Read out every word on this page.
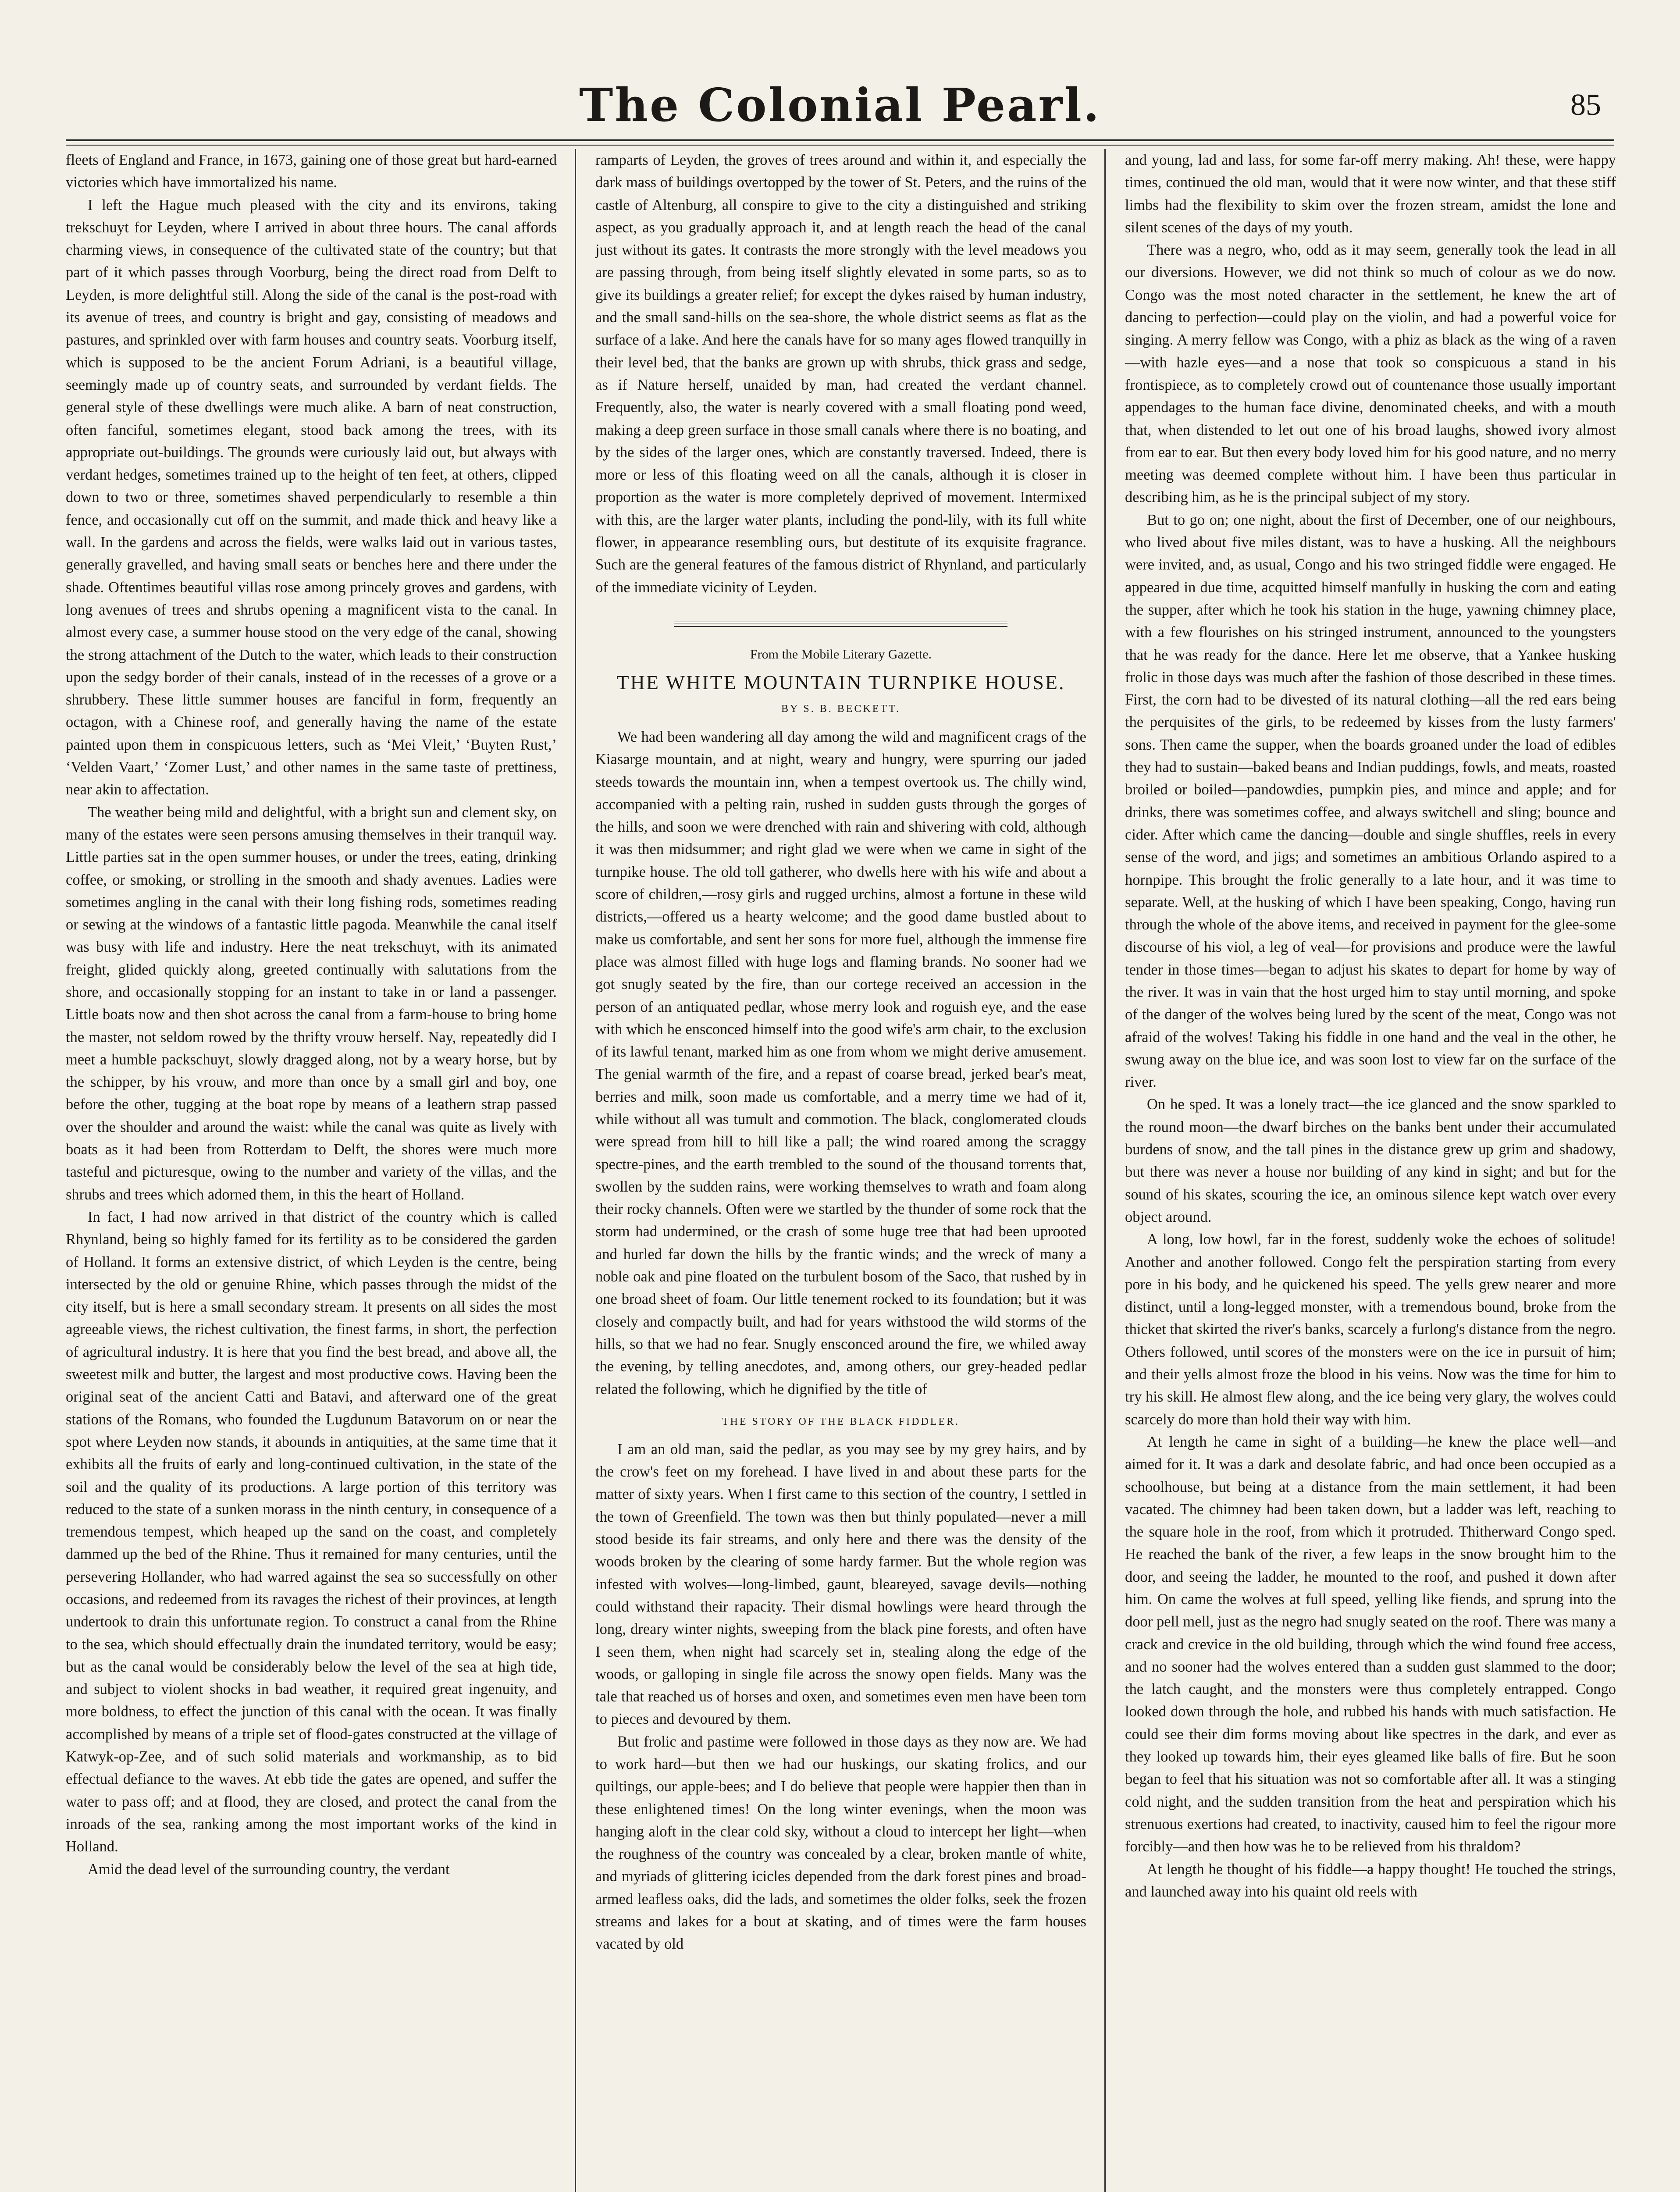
The Colonial Pearl.	85

fleets of England and France, in 1673, gaining one of those great but hard-earned victories which have immortalized his name.

I left the Hague much pleased with the city and its environs, taking trekschuyt for Leyden, where I arrived in about three hours. The canal affords charming views, in consequence of the cultivated state of the country; but that part of it which passes through Voorburg, being the direct road from Delft to Leyden, is more delightful still. Along the side of the canal is the post-road with its avenue of trees, and country is bright and gay, consisting of meadows and pastures, and sprinkled over with farm houses and country seats. Voorburg itself, which is supposed to be the ancient Forum Adriani, is a beautiful village, seemingly made up of country seats, and surrounded by verdant fields. The general style of these dwellings were much alike. A barn of neat construction, often fanciful, sometimes elegant, stood back among the trees, with its appropriate out-buildings. The grounds were curiously laid out, but always with verdant hedges, sometimes trained up to the height of ten feet, at others, clipped down to two or three, sometimes shaved perpendicularly to resemble a thin fence, and occasionally cut off on the summit, and made thick and heavy like a wall. In the gardens and across the fields, were walks laid out in various tastes, generally gravelled, and having small seats or benches here and there under the shade. Oftentimes beautiful villas rose among princely groves and gardens, with long avenues of trees and shrubs opening a magnificent vista to the canal. In almost every case, a summer house stood on the very edge of the canal, showing the strong attachment of the Dutch to the water, which leads to their construction upon the sedgy border of their canals, instead of in the recesses of a grove or a shrubbery. These little summer houses are fanciful in form, frequently an octagon, with a Chinese roof, and generally having the name of the estate painted upon them in conspicuous letters, such as ‘Mei Vleit,’ ‘Buyten Rust,’ ‘Velden Vaart,’ ‘Zomer Lust,’ and other names in the same taste of prettiness, near akin to affectation.

The weather being mild and delightful, with a bright sun and clement sky, on many of the estates were seen persons amusing themselves in their tranquil way. Little parties sat in the open summer houses, or under the trees, eating, drinking coffee, or smoking, or strolling in the smooth and shady avenues. Ladies were sometimes angling in the canal with their long fishing rods, sometimes reading or sewing at the windows of a fantastic little pagoda. Meanwhile the canal itself was busy with life and industry. Here the neat trekschuyt, with its animated freight, glided quickly along, greeted continually with salutations from the shore, and occasionally stopping for an instant to take in or land a passenger. Little boats now and then shot across the canal from a farm-house to bring home the master, not seldom rowed by the thrifty vrouw herself. Nay, repeatedly did I meet a humble packschuyt, slowly dragged along, not by a weary horse, but by the schipper, by his vrouw, and more than once by a small girl and boy, one before the other, tugging at the boat rope by means of a leathern strap passed over the shoulder and around the waist: while the canal was quite as lively with boats as it had been from Rotterdam to Delft, the shores were much more tasteful and picturesque, owing to the number and variety of the villas, and the shrubs and trees which adorned them, in this the heart of Holland.

In fact, I had now arrived in that district of the country which is called Rhynland, being so highly famed for its fertility as to be considered the garden of Holland. It forms an extensive district, of which Leyden is the centre, being intersected by the old or genuine Rhine, which passes through the midst of the city itself, but is here a small secondary stream. It presents on all sides the most agreeable views, the richest cultivation, the finest farms, in short, the perfection of agricultural industry. It is here that you find the best bread, and above all, the sweetest milk and butter, the largest and most productive cows. Having been the original seat of the ancient Catti and Batavi, and afterward one of the great stations of the Romans, who founded the Lugdunum Batavorum on or near the spot where Leyden now stands, it abounds in antiquities, at the same time that it exhibits all the fruits of early and long-continued cultivation, in the state of the soil and the quality of its productions. A large portion of this territory was reduced to the state of a sunken morass in the ninth century, in consequence of a tremendous tempest, which heaped up the sand on the coast, and completely dammed up the bed of the Rhine. Thus it remained for many centuries, until the persevering Hollander, who had warred against the sea so successfully on other occasions, and redeemed from its ravages the richest of their provinces, at length undertook to drain this unfortunate region. To construct a canal from the Rhine to the sea, which should effectually drain the inundated territory, would be easy; but as the canal would be considerably below the level of the sea at high tide, and subject to violent shocks in bad weather, it required great ingenuity, and more boldness, to effect the junction of this canal with the ocean. It was finally accomplished by means of a triple set of flood-gates constructed at the village of Katwyk-op-Zee, and of such solid materials and workmanship, as to bid effectual defiance to the waves. At ebb tide the gates are opened, and suffer the water to pass off; and at flood, they are closed, and protect the canal from the inroads of the sea, ranking among the most important works of the kind in Holland.

Amid the dead level of the surrounding country, the verdant

ramparts of Leyden, the groves of trees around and within it, and especially the dark mass of buildings overtopped by the tower of St. Peters, and the ruins of the castle of Altenburg, all conspire to give to the city a distinguished and striking aspect, as you gradually approach it, and at length reach the head of the canal just without its gates. It contrasts the more strongly with the level meadows you are passing through, from being itself slightly elevated in some parts, so as to give its buildings a greater relief; for except the dykes raised by human industry, and the small sand-hills on the sea-shore, the whole district seems as flat as the surface of a lake. And here the canals have for so many ages flowed tranquilly in their level bed, that the banks are grown up with shrubs, thick grass and sedge, as if Nature herself, unaided by man, had created the verdant channel. Frequently, also, the water is nearly covered with a small floating pond weed, making a deep green surface in those small canals where there is no boating, and by the sides of the larger ones, which are constantly traversed. Indeed, there is more or less of this floating weed on all the canals, although it is closer in proportion as the water is more completely deprived of movement. Intermixed with this, are the larger water plants, including the pond-lily, with its full white flower, in appearance resembling ours, but destitute of its exquisite fragrance. Such are the general features of the famous district of Rhynland, and particularly of the immediate vicinity of Leyden.

From the Mobile Literary Gazette.

THE WHITE MOUNTAIN TURNPIKE HOUSE.

BY S. B. BECKETT.

We had been wandering all day among the wild and magnificent crags of the Kiasarge mountain, and at night, weary and hungry, were spurring our jaded steeds towards the mountain inn, when a tempest overtook us. The chilly wind, accompanied with a pelting rain, rushed in sudden gusts through the gorges of the hills, and soon we were drenched with rain and shivering with cold, although it was then midsummer; and right glad we were when we came in sight of the turnpike house. The old toll gatherer, who dwells here with his wife and about a score of children,—rosy girls and rugged urchins, almost a fortune in these wild districts,—offered us a hearty welcome; and the good dame bustled about to make us comfortable, and sent her sons for more fuel, although the immense fire place was almost filled with huge logs and flaming brands. No sooner had we got snugly seated by the fire, than our cortege received an accession in the person of an antiquated pedlar, whose merry look and roguish eye, and the ease with which he ensconced himself into the good wife's arm chair, to the exclusion of its lawful tenant, marked him as one from whom we might derive amusement. The genial warmth of the fire, and a repast of coarse bread, jerked bear's meat, berries and milk, soon made us comfortable, and a merry time we had of it, while without all was tumult and commotion. The black, conglomerated clouds were spread from hill to hill like a pall; the wind roared among the scraggy spectre-pines, and the earth trembled to the sound of the thousand torrents that, swollen by the sudden rains, were working themselves to wrath and foam along their rocky channels. Often were we startled by the thunder of some rock that the storm had undermined, or the crash of some huge tree that had been uprooted and hurled far down the hills by the frantic winds; and the wreck of many a noble oak and pine floated on the turbulent bosom of the Saco, that rushed by in one broad sheet of foam. Our little tenement rocked to its foundation; but it was closely and compactly built, and had for years withstood the wild storms of the hills, so that we had no fear. Snugly ensconced around the fire, we whiled away the evening, by telling anecdotes, and, among others, our grey-headed pedlar related the following, which he dignified by the title of

THE STORY OF THE BLACK FIDDLER.

I am an old man, said the pedlar, as you may see by my grey hairs, and by the crow's feet on my forehead. I have lived in and about these parts for the matter of sixty years. When I first came to this section of the country, I settled in the town of Greenfield. The town was then but thinly populated—never a mill stood beside its fair streams, and only here and there was the density of the woods broken by the clearing of some hardy farmer. But the whole region was infested with wolves—long-limbed, gaunt, bleareyed, savage devils—nothing could withstand their rapacity. Their dismal howlings were heard through the long, dreary winter nights, sweeping from the black pine forests, and often have I seen them, when night had scarcely set in, stealing along the edge of the woods, or galloping in single file across the snowy open fields. Many was the tale that reached us of horses and oxen, and sometimes even men have been torn to pieces and devoured by them.

But frolic and pastime were followed in those days as they now are. We had to work hard—but then we had our huskings, our skating frolics, and our quiltings, our apple-bees; and I do believe that people were happier then than in these enlightened times! On the long winter evenings, when the moon was hanging aloft in the clear cold sky, without a cloud to intercept her light—when the roughness of the country was concealed by a clear, broken mantle of white, and myriads of glittering icicles depended from the dark forest pines and broad-armed leafless oaks, did the lads, and sometimes the older folks, seek the frozen streams and lakes for a bout at skating, and of times were the farm houses vacated by old

and young, lad and lass, for some far-off merry making. Ah! these, were happy times, continued the old man, would that it were now winter, and that these stiff limbs had the flexibility to skim over the frozen stream, amidst the lone and silent scenes of the days of my youth.

There was a negro, who, odd as it may seem, generally took the lead in all our diversions. However, we did not think so much of colour as we do now. Congo was the most noted character in the settlement, he knew the art of dancing to perfection—could play on the violin, and had a powerful voice for singing. A merry fellow was Congo, with a phiz as black as the wing of a raven—with hazle eyes—and a nose that took so conspicuous a stand in his frontispiece, as to completely crowd out of countenance those usually important appendages to the human face divine, denominated cheeks, and with a mouth that, when distended to let out one of his broad laughs, showed ivory almost from ear to ear. But then every body loved him for his good nature, and no merry meeting was deemed complete without him. I have been thus particular in describing him, as he is the principal subject of my story.

But to go on; one night, about the first of December, one of our neighbours, who lived about five miles distant, was to have a husking. All the neighbours were invited, and, as usual, Congo and his two stringed fiddle were engaged. He appeared in due time, acquitted himself manfully in husking the corn and eating the supper, after which he took his station in the huge, yawning chimney place, with a few flourishes on his stringed instrument, announced to the youngsters that he was ready for the dance. Here let me observe, that a Yankee husking frolic in those days was much after the fashion of those described in these times. First, the corn had to be divested of its natural clothing—all the red ears being the perquisites of the girls, to be redeemed by kisses from the lusty farmers' sons. Then came the supper, when the boards groaned under the load of edibles they had to sustain—baked beans and Indian puddings, fowls, and meats, roasted broiled or boiled—pandowdies, pumpkin pies, and mince and apple; and for drinks, there was sometimes coffee, and always switchell and sling; bounce and cider. After which came the dancing—double and single shuffles, reels in every sense of the word, and jigs; and sometimes an ambitious Orlando aspired to a hornpipe. This brought the frolic generally to a late hour, and it was time to separate. Well, at the husking of which I have been speaking, Congo, having run through the whole of the above items, and received in payment for the glee-some discourse of his viol, a leg of veal—for provisions and produce were the lawful tender in those times—began to adjust his skates to depart for home by way of the river. It was in vain that the host urged him to stay until morning, and spoke of the danger of the wolves being lured by the scent of the meat, Congo was not afraid of the wolves! Taking his fiddle in one hand and the veal in the other, he swung away on the blue ice, and was soon lost to view far on the surface of the river.

On he sped. It was a lonely tract—the ice glanced and the snow sparkled to the round moon—the dwarf birches on the banks bent under their accumulated burdens of snow, and the tall pines in the distance grew up grim and shadowy, but there was never a house nor building of any kind in sight; and but for the sound of his skates, scouring the ice, an ominous silence kept watch over every object around.

A long, low howl, far in the forest, suddenly woke the echoes of solitude! Another and another followed. Congo felt the perspiration starting from every pore in his body, and he quickened his speed. The yells grew nearer and more distinct, until a long-legged monster, with a tremendous bound, broke from the thicket that skirted the river's banks, scarcely a furlong's distance from the negro. Others followed, until scores of the monsters were on the ice in pursuit of him; and their yells almost froze the blood in his veins. Now was the time for him to try his skill. He almost flew along, and the ice being very glary, the wolves could scarcely do more than hold their way with him.

At length he came in sight of a building—he knew the place well—and aimed for it. It was a dark and desolate fabric, and had once been occupied as a schoolhouse, but being at a distance from the main settlement, it had been vacated. The chimney had been taken down, but a ladder was left, reaching to the square hole in the roof, from which it protruded. Thitherward Congo sped. He reached the bank of the river, a few leaps in the snow brought him to the door, and seeing the ladder, he mounted to the roof, and pushed it down after him. On came the wolves at full speed, yelling like fiends, and sprung into the door pell mell, just as the negro had snugly seated on the roof. There was many a crack and crevice in the old building, through which the wind found free access, and no sooner had the wolves entered than a sudden gust slammed to the door; the latch caught, and the monsters were thus completely entrapped. Congo looked down through the hole, and rubbed his hands with much satisfaction. He could see their dim forms moving about like spectres in the dark, and ever as they looked up towards him, their eyes gleamed like balls of fire. But he soon began to feel that his situation was not so comfortable after all. It was a stinging cold night, and the sudden transition from the heat and perspiration which his strenuous exertions had created, to inactivity, caused him to feel the rigour more forcibly—and then how was he to be relieved from his thraldom?

At length he thought of his fiddle—a happy thought! He touched the strings, and launched away into his quaint old reels with
